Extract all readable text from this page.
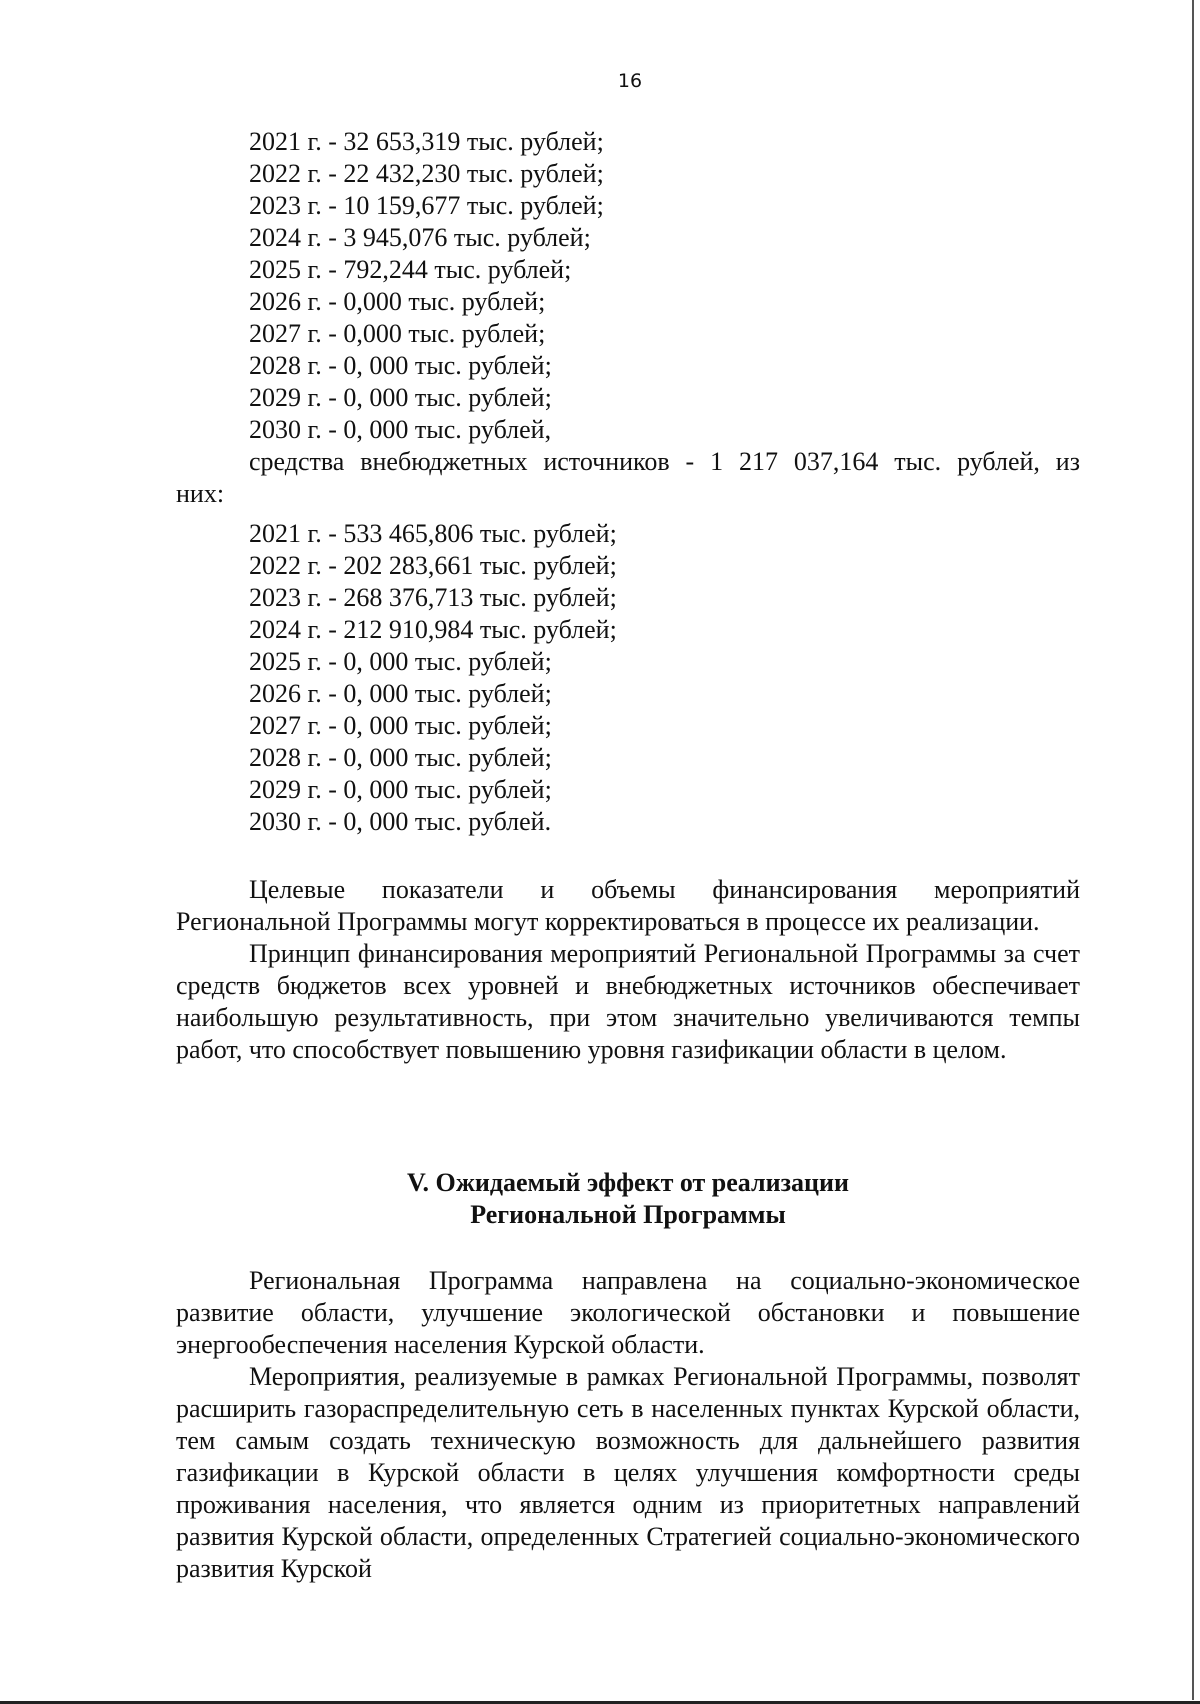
16
2021 г. - 32 653,319 тыс. рублей;
2022 г. - 22 432,230 тыс. рублей;
2023 г. - 10 159,677 тыс. рублей;
2024 г. - 3 945,076 тыс. рублей;
2025 г. - 792,244 тыс. рублей;
2026 г. - 0,000 тыс. рублей;
2027 г. - 0,000 тыс. рублей;
2028 г. - 0, 000 тыс. рублей;
2029 г. - 0, 000 тыс. рублей;
2030 г. - 0, 000 тыс. рублей,
средства внебюджетных источников - 1 217 037,164 тыс. рублей, из
них:
2021 г. - 533 465,806 тыс. рублей;
2022 г. - 202 283,661 тыс. рублей;
2023 г. - 268 376,713 тыс. рублей;
2024 г. - 212 910,984 тыс. рублей;
2025 г. - 0, 000 тыс. рублей;
2026 г. - 0, 000 тыс. рублей;
2027 г. - 0, 000 тыс. рублей;
2028 г. - 0, 000 тыс. рублей;
2029 г. - 0, 000 тыс. рублей;
2030 г. - 0, 000 тыс. рублей.

Целевые показатели и объемы финансирования мероприятий Региональной Программы могут корректироваться в процессе их реализации.

Принцип финансирования мероприятий Региональной Программы за счет средств бюджетов всех уровней и внебюджетных источников обеспечивает наибольшую результативность, при этом значительно увеличиваются темпы работ, что способствует повышению уровня газификации области в целом.

V. Ожидаемый эффект от реализации
Региональной Программы

Региональная Программа направлена на социально-экономическое развитие области, улучшение экологической обстановки и повышение энергообеспечения населения Курской области.

Мероприятия, реализуемые в рамках Региональной Программы, позволят расширить газораспределительную сеть в населенных пунктах Курской области, тем самым создать техническую возможность для дальнейшего развития газификации в Курской области в целях улучшения комфортности среды проживания населения, что является одним из приоритетных направлений развития Курской области, определенных Стратегией социально-экономического развития Курской
